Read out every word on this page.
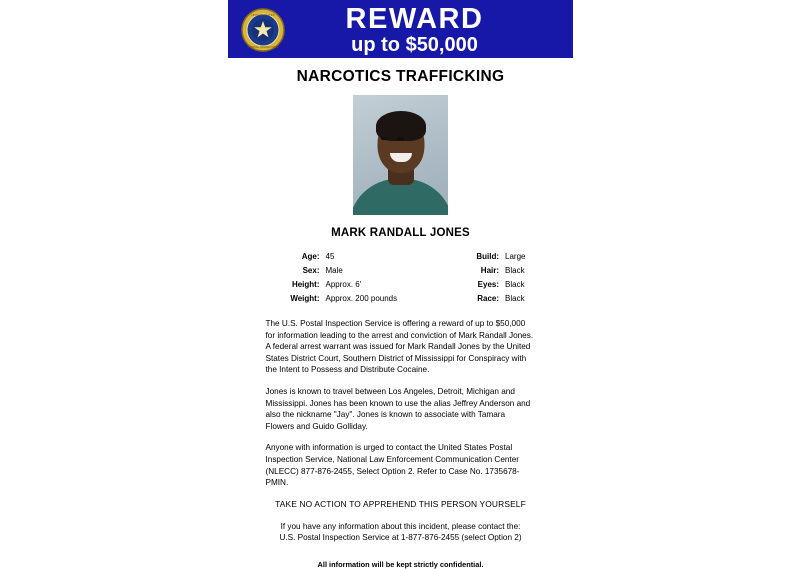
UNITED STATES
POSTAL INSPECTION
REWARD
up to $50,000
NARCOTICS TRAFFICKING
MARK RANDALL JONES
Age: 45
Sex: Male
Height: Approx. 6'
Weight: Approx. 200 pounds
Build: Large
Hair: Black
Eyes: Black
Race: Black

The U.S. Postal Inspection Service is offering a reward of up to $50,000 for information leading to the arrest and conviction of Mark Randall Jones. A federal arrest warrant was issued for Mark Randall Jones by the United States District Court, Southern District of Mississippi for Conspiracy with the Intent to Possess and Distribute Cocaine.

Jones is known to travel between Los Angeles, Detroit, Michigan and Mississippi. Jones has been known to use the alias Jeffrey Anderson and also the nickname "Jay". Jones is known to associate with Tamara Flowers and Guido Golliday.

Anyone with information is urged to contact the United States Postal Inspection Service, National Law Enforcement Communication Center (NLECC) 877-876-2455, Select Option 2. Refer to Case No. 1735678-PMIN.

TAKE NO ACTION TO APPREHEND THIS PERSON YOURSELF
If you have any information about this incident, please contact the:
U.S. Postal Inspection Service at 1-877-876-2455 (select Option 2)
All information will be kept strictly confidential.
